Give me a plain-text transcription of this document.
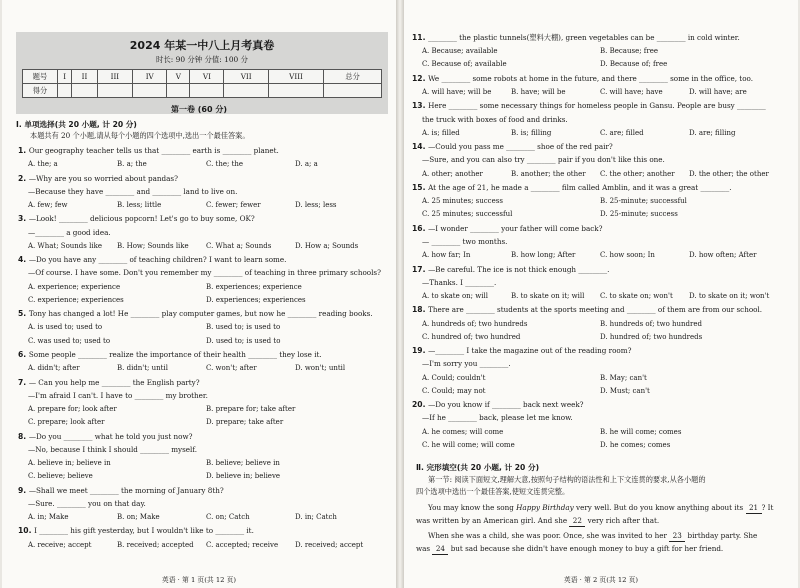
2024 年某一中八上月考真卷
时长: 90 分钟 分值: 100 分
题号	I	II	III	IV	V	VI	VII	VIII	总分
得分									
第一卷 (60 分)
Ⅰ. 单项选择(共 20 小题, 计 20 分)
本题共有 20 个小题,请从每个小题的四个选项中,选出一个最佳答案。
1. Our geography teacher tells us that ________ earth is ________ planet.
A. the; a	B. a; the	C. the; the	D. a; a
2. —Why are you so worried about pandas?
—Because they have ________ and ________ land to live on.
A. few; few	B. less; little	C. fewer; fewer	D. less; less
3. —Look! ________ delicious popcorn! Let's go to buy some, OK?
—________ a good idea.
A. What; Sounds like B. How; Sounds like C. What a; Sounds	D. How a; Sounds
4. —Do you have any ________ of teaching children? I want to learn some.
—Of course. I have some. Don't you remember my ________ of teaching in three primary schools?
A. experience; experience	B. experiences; experience
C. experience; experiences	D. experiences; experiences
5. Tony has changed a lot! He ________ play computer games, but now he ________ reading books.
A. is used to; used to	B. used to; is used to
C. was used to; used to	D. used to; is used to
6. Some people ________ realize the importance of their health ________ they lose it.
A. didn't; after	B. didn't; until	C. won't; after	D. won't; until
7. — Can you help me ________ the English party?
—I'm afraid I can't. I have to ________ my brother.
A. prepare for; look after	B. prepare for; take after
C. prepare; look after	D. prepare; take after
8. —Do you ________ what he told you just now?
—No, because I think I should ________ myself.
A. believe in; believe in	B. believe; believe in
C. believe; believe	D. believe in; believe
9. —Shall we meet ________ the morning of January 8th?
—Sure. ________ you on that day.
A. in; Make	B. on; Make	C. on; Catch	D. in; Catch
10. I ________ his gift yesterday, but I wouldn't like to ________ it.
A. receive; accept	B. received; accepted C. accepted; receive D. received; accept
英语 · 第 1 页(共 12 页)
11. ________ the plastic tunnels(塑料大棚), green vegetables can be ________ in cold winter.
A. Because; available	B. Because; free
C. Because of; available	D. Because of; free
12. We ________ some robots at home in the future, and there ________ some in the office, too.
A. will have; will be	B. have; will be	C. will have; have	D. will have; are
13. Here ________ some necessary things for homeless people in Gansu. People are busy ________
the truck with boxes of food and drinks.
A. is; filled	B. is; filling	C. are; filled	D. are; filling
14. —Could you pass me ________ shoe of the red pair?
—Sure, and you can also try ________ pair if you don't like this one.
A. other; another	B. another; the other C. the other; another D. the other; the other
15. At the age of 21, he made a ________ film called Amblin, and it was a great ________.
A. 25 minutes; success	B. 25-minute; successful
C. 25 minutes; successful	D. 25-minute; success
16. —I wonder ________ your father will come back?
— ________ two months.
A. how far; In	B. how long; After	C. how soon; In	D. how often; After
17. —Be careful. The ice is not thick enough ________.
—Thanks. I ________.
A. to skate on; will	B. to skate on it; will C. to skate on; won't D. to skate on it; won't
18. There are ________ students at the sports meeting and ________ of them are from our school.
A. hundreds of; two hundreds	B. hundreds of; two hundred
C. hundred of; two hundred	D. hundred of; two hundreds
19. —________ I take the magazine out of the reading room?
—I'm sorry you ________.
A. Could; couldn't	B. May; can't
C. Could; may not	D. Must; can't
20. —Do you know if ________ back next week?
—If he ________ back, please let me know.
A. he comes; will come	B. he will come; comes
C. he will come; will come	D. he comes; comes
Ⅱ. 完形填空(共 20 小题, 计 20 分)
第一节: 阅读下面短文,理解大意,按照句子结构的语法性和上下文连贯的要求,从各小题的
四个选项中选出一个最佳答案,使短文连贯完整。
You may know the song Happy Birthday very well. But do you know anything about its 21 ? It
was written by an American girl. And she 22 very rich after that.
When she was a child, she was poor. Once, she was invited to her 23 birthday party. She
was 24 but sad because she didn't have enough money to buy a gift for her friend.
英语 · 第 2 页(共 12 页)
